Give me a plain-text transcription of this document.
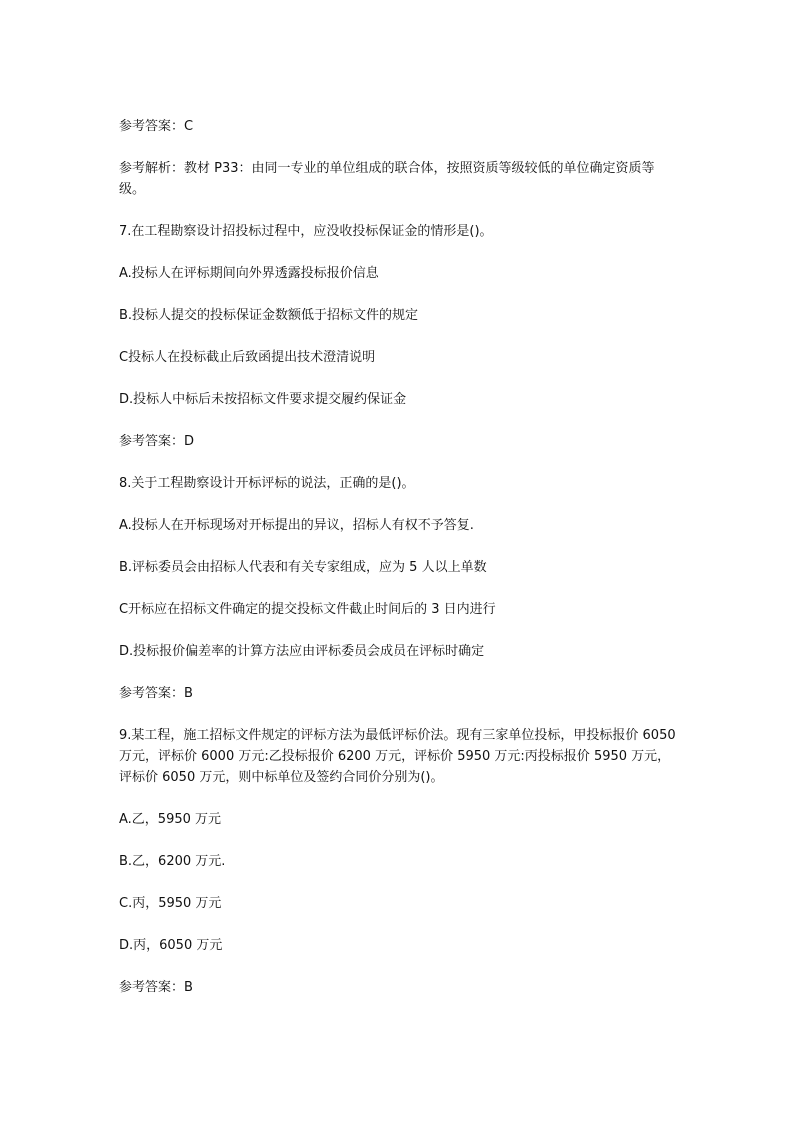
参考答案：C

参考解析：教材 P33：由同一专业的单位组成的联合体，按照资质等级较低的单位确定资质等级。

7.在工程勘察设计招投标过程中，应没收投标保证金的情形是()。

A.投标人在评标期间向外界透露投标报价信息

B.投标人提交的投标保证金数额低于招标文件的规定

C投标人在投标截止后致函提出技术澄清说明

D.投标人中标后未按招标文件要求提交履约保证金

参考答案：D

8.关于工程勘察设计开标评标的说法，正确的是()。

A.投标人在开标现场对开标提出的异议，招标人有权不予答复.

B.评标委员会由招标人代表和有关专家组成，应为 5 人以上单数

C开标应在招标文件确定的提交投标文件截止时间后的 3 日内进行

D.投标报价偏差率的计算方法应由评标委员会成员在评标时确定

参考答案：B

9.某工程，施工招标文件规定的评标方法为最低评标价法。现有三家单位投标，甲投标报价 6050 万元，评标价 6000 万元:乙投标报价 6200 万元，评标价 5950 万元:丙投标报价 5950 万元，评标价 6050 万元，则中标单位及签约合同价分别为()。

A.乙，5950 万元

B.乙，6200 万元.

C.丙，5950 万元

D.丙，6050 万元

参考答案：B
